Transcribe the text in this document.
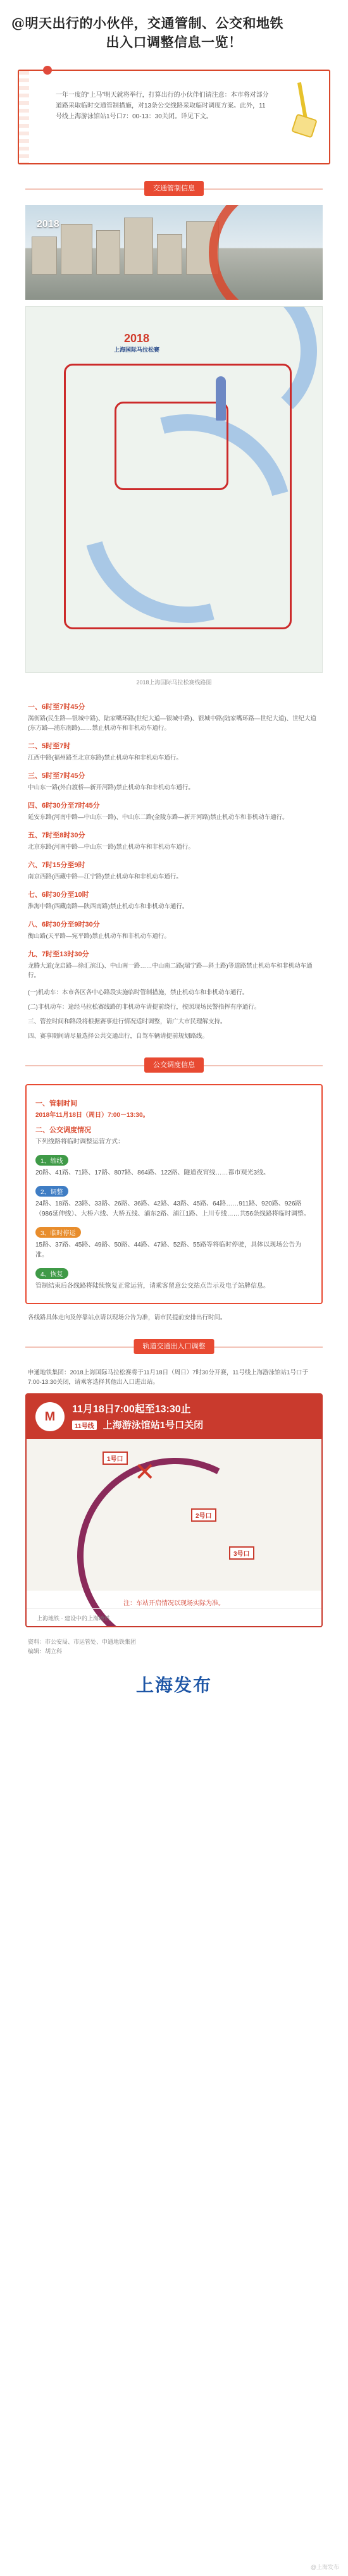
@明天出行的小伙伴，交通管制、公交和地铁
出入口调整信息一览！

一年一度的“上马”明天就将举行，打算出行的小伙伴们请注意：本市将对部分道路采取临时交通管制措施，对13条公交线路采取临时调度方案。此外，11号线上海游泳馆站1号口7：00-13：30关闭。详见下文。

交通管制信息
2018
2018
上海国际马拉松赛
2018上海国际马拉松赛线路图
一、6时至7时45分

满街路(民生路—银城中路)、陆家嘴环路(世纪大道—银城中路)、银城中路(陆家嘴环路—世纪大道)、世纪大道(东方路—浦东南路)……禁止机动车和非机动车通行。

二、5时至7时

江西中路(福州路至北京东路)禁止机动车和非机动车通行。

三、5时至7时45分

中山东一路(外白渡桥—新开河路)禁止机动车和非机动车通行。

四、6时30分至7时45分

延安东路(河南中路—中山东一路)、中山东二路(金陵东路—新开河路)禁止机动车和非机动车通行。

五、7时至8时30分

北京东路(河南中路—中山东一路)禁止机动车和非机动车通行。

六、7时15分至9时

南京西路(西藏中路—江宁路)禁止机动车和非机动车通行。

七、6时30分至10时

淮海中路(西藏南路—陕西南路)禁止机动车和非机动车通行。

八、6时30分至9时30分

衡山路(天平路—宛平路)禁止机动车和非机动车通行。

九、7时至13时30分

龙腾大道(龙启路—徐汇滨江)、中山南一路……中山南二路(瑞宁路—斜土路)等道路禁止机动车和非机动车通行。

(一)机动车：本市各区各中心路段实施临时管制措施，禁止机动车和非机动车通行。

(二)非机动车：途经马拉松赛线路的非机动车请提前绕行，按照现场民警指挥有序通行。

三、管控时间和路段将根据赛事进行情况适时调整，请广大市民理解支持。

四、赛事期间请尽量选择公共交通出行，自驾车辆请提前规划路线。

公交调度信息
一、管制时间
2018年11月18日（周日）7:00－13:30。
二、公交调度情况
下列线路将临时调整运营方式：
1、缩线
20路、41路、71路、17路、807路、864路、122路、隧道夜宵线……都市观光3线。
2、调整
24路、18路、23路、33路、26路、36路、42路、43路、45路、64路……911路、920路、926路（986延伸线）、大桥六线、大桥五线、浦东2路、浦江1路、上川专线……共56条线路将临时调整。
3、临时停运
15路、37路、45路、49路、50路、44路、47路、52路、55路等将临时停驶，具体以现场公告为准。
4、恢复
管制结束后各线路将陆续恢复正常运营，请乘客留意公交站点告示及电子站牌信息。

各线路具体走向及停靠站点请以现场公告为准，请市民提前安排出行时间。

轨道交通出入口调整

申通地铁集团：2018上海国际马拉松赛将于11月18日（周日）7时30分开赛，11号线上海游泳馆站1号口于7:00-13:30关闭，请乘客选择其他出入口进出站。

M
11月18日7:00起至13:30止
11号线 上海游泳馆站1号口关闭
✕
1号口
2号口
3号口
注：车站开启情况以现场实际为准。
上海地铁 · 建设中的上海地铁
资料：市公安局、市运管处、申通地铁集团
编辑：胡立科
上海发布
@上海发布
